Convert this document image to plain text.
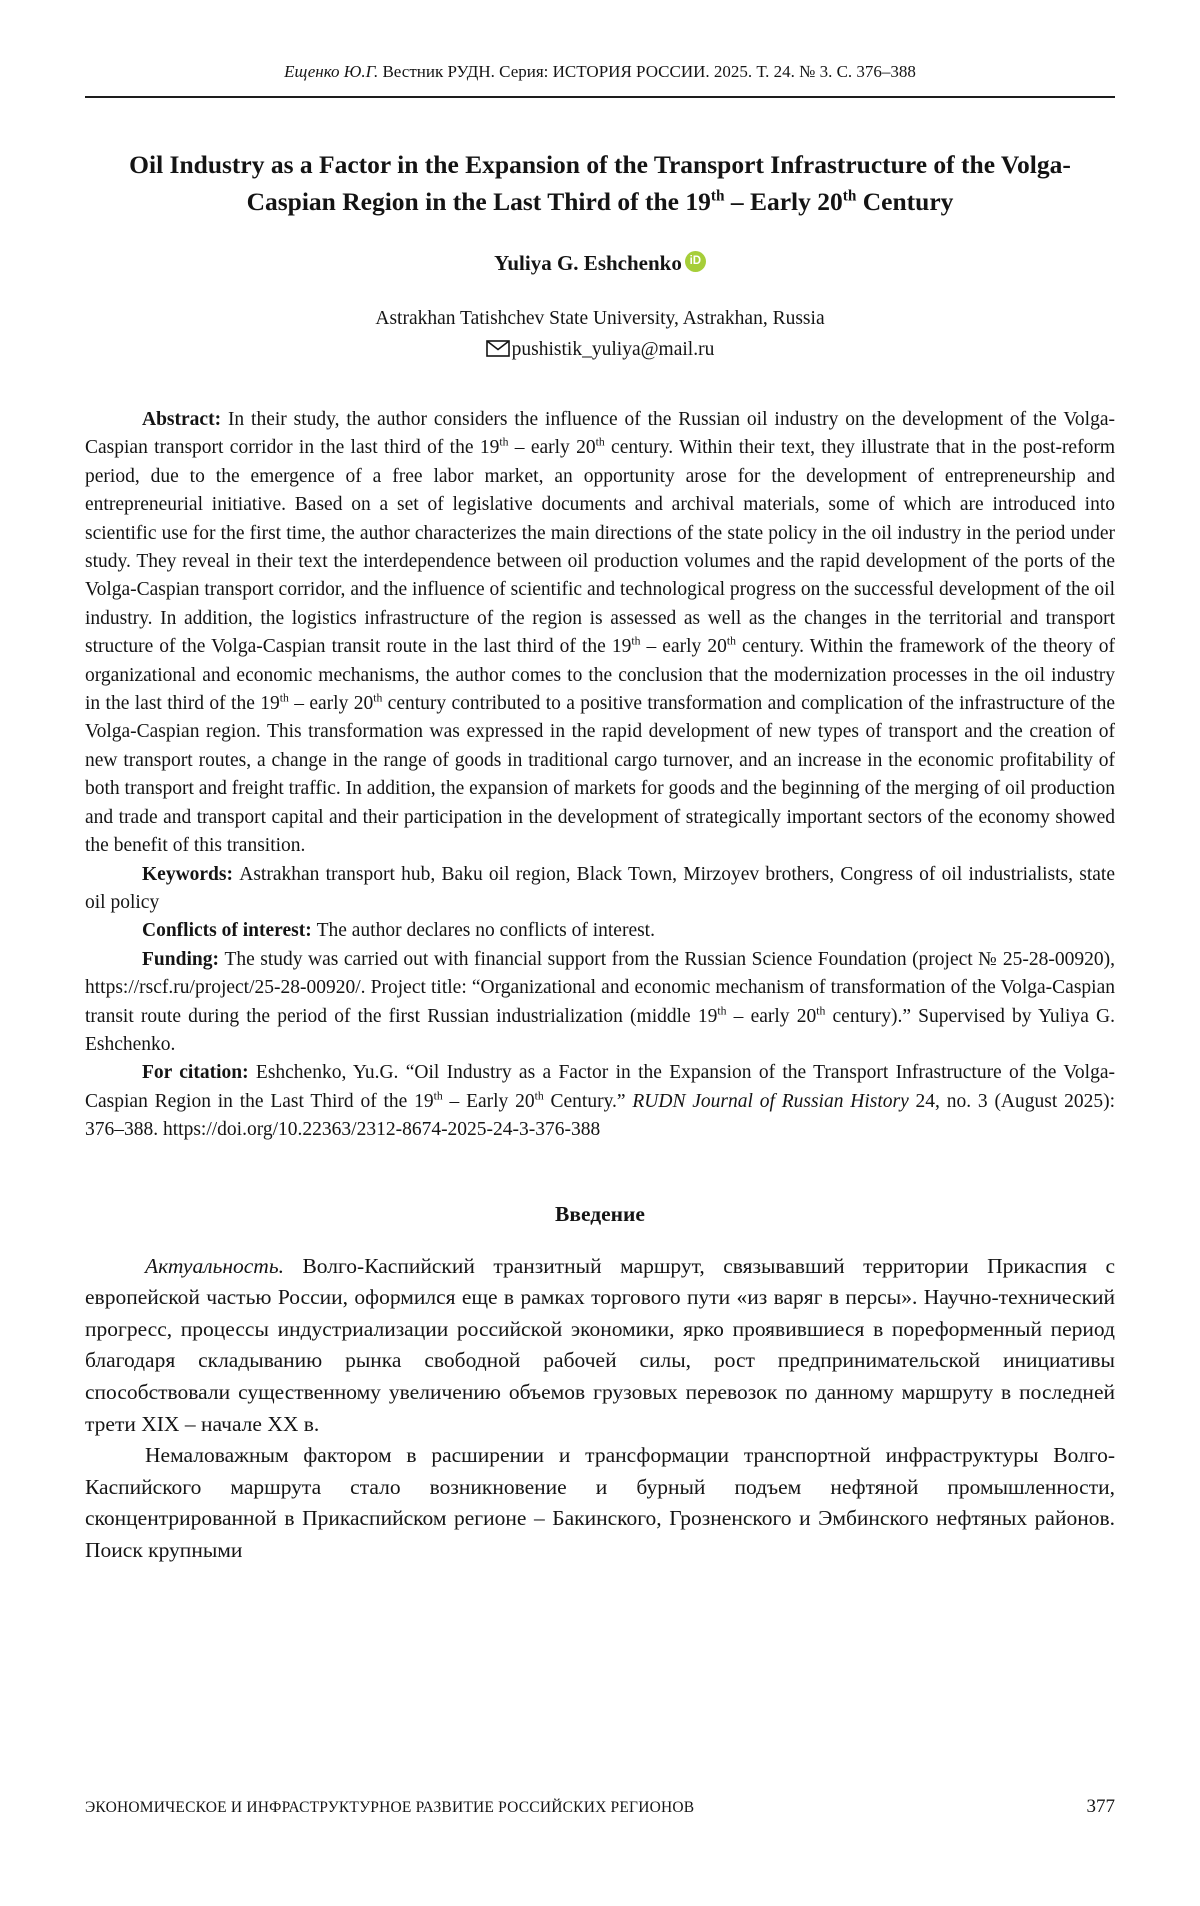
Ещенко Ю.Г. Вестник РУДН. Серия: ИСТОРИЯ РОССИИ. 2025. Т. 24. № 3. С. 376–388
Oil Industry as a Factor in the Expansion of the Transport Infrastructure of the Volga-Caspian Region in the Last Third of the 19th – Early 20th Century
Yuliya G. Eshchenko iD

Astrakhan Tatishchev State University, Astrakhan, Russia

pushistik_yuliya@mail.ru

Abstract: In their study, the author considers the influence of the Russian oil industry on the development of the Volga-Caspian transport corridor in the last third of the 19th – early 20th century. Within their text, they illustrate that in the post-reform period, due to the emergence of a free labor market, an opportunity arose for the development of entrepreneurship and entrepreneurial initiative. Based on a set of legislative documents and archival materials, some of which are introduced into scientific use for the first time, the author characterizes the main directions of the state policy in the oil industry in the period under study. They reveal in their text the interdependence between oil production volumes and the rapid development of the ports of the Volga-Caspian transport corridor, and the influence of scientific and technological progress on the successful development of the oil industry. In addition, the logistics infrastructure of the region is assessed as well as the changes in the territorial and transport structure of the Volga-Caspian transit route in the last third of the 19th – early 20th century. Within the framework of the theory of organizational and economic mechanisms, the author comes to the conclusion that the modernization processes in the oil industry in the last third of the 19th – early 20th century contributed to a positive transformation and complication of the infrastructure of the Volga-Caspian region. This transformation was expressed in the rapid development of new types of transport and the creation of new transport routes, a change in the range of goods in traditional cargo turnover, and an increase in the economic profitability of both transport and freight traffic. In addition, the expansion of markets for goods and the beginning of the merging of oil production and trade and transport capital and their participation in the development of strategically important sectors of the economy showed the benefit of this transition.

Keywords: Astrakhan transport hub, Baku oil region, Black Town, Mirzoyev brothers, Congress of oil industrialists, state oil policy

Conflicts of interest: The author declares no conflicts of interest.

Funding: The study was carried out with financial support from the Russian Science Foundation (project № 25-28-00920), https://rscf.ru/project/25-28-00920/. Project title: “Organizational and economic mechanism of transformation of the Volga-Caspian transit route during the period of the first Russian industrialization (middle 19th – early 20th century).” Supervised by Yuliya G. Eshchenko.

For citation: Eshchenko, Yu.G. “Oil Industry as a Factor in the Expansion of the Transport Infrastructure of the Volga-Caspian Region in the Last Third of the 19th – Early 20th Century.” RUDN Journal of Russian History 24, no. 3 (August 2025): 376–388. https://doi.org/10.22363/2312-8674-2025-24-3-376-388

Введение

Актуальность. Волго-Каспийский транзитный маршрут, связывавший территории Прикаспия с европейской частью России, оформился еще в рамках торгового пути «из варяг в персы». Научно-технический прогресс, процессы индустриализации российской экономики, ярко проявившиеся в пореформенный период благодаря складыванию рынка свободной рабочей силы, рост предпринимательской инициативы способствовали существенному увеличению объемов грузовых перевозок по данному маршруту в последней трети XIX – начале XX в.

Немаловажным фактором в расширении и трансформации транспортной инфраструктуры Волго-Каспийского маршрута стало возникновение и бурный подъем нефтяной промышленности, сконцентрированной в Прикаспийском регионе – Бакинского, Грозненского и Эмбинского нефтяных районов. Поиск крупными

ЭКОНОМИЧЕСКОЕ И ИНФРАСТРУКТУРНОЕ РАЗВИТИЕ РОССИЙСКИХ РЕГИОНОВ	377
